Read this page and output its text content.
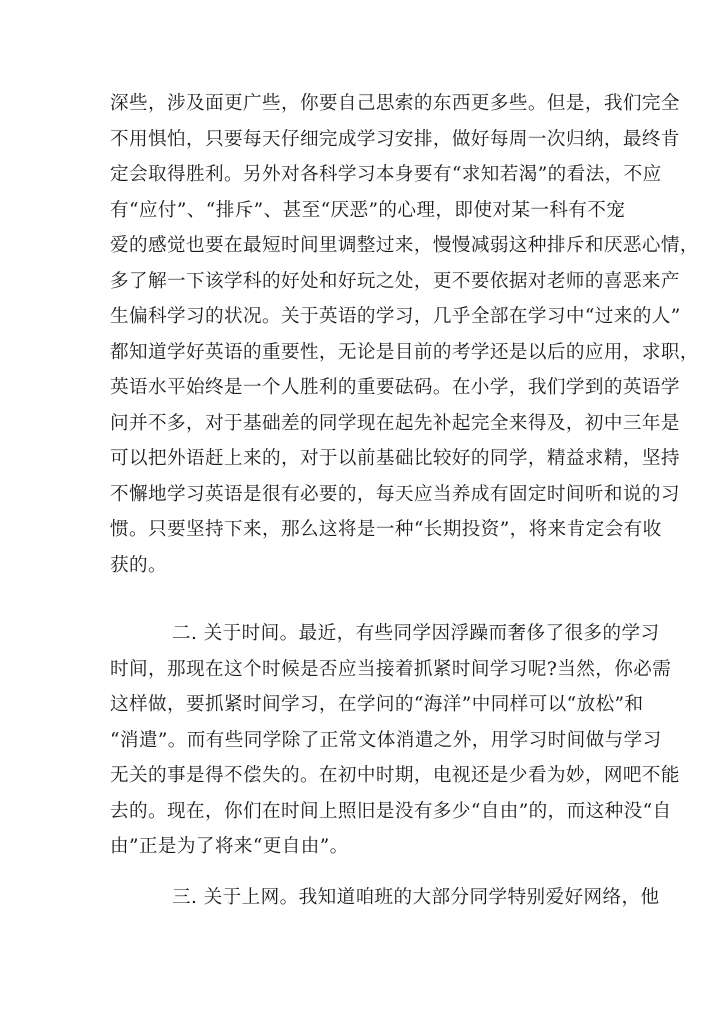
深些，涉及面更广些，你要自己思索的东西更多些。但是，我们完全
不用惧怕，只要每天仔细完成学习安排，做好每周一次归纳，最终肯
定会取得胜利。另外对各科学习本身要有“求知若渴”的看法，不应
有“应付”、“排斥”、甚至“厌恶”的心理，即使对某一科有不宠
爱的感觉也要在最短时间里调整过来，慢慢减弱这种排斥和厌恶心情，
多了解一下该学科的好处和好玩之处，更不要依据对老师的喜恶来产
生偏科学习的状况。关于英语的学习，几乎全部在学习中“过来的人”
都知道学好英语的重要性，无论是目前的考学还是以后的应用，求职，
英语水平始终是一个人胜利的重要砝码。在小学，我们学到的英语学
问并不多，对于基础差的同学现在起先补起完全来得及，初中三年是
可以把外语赶上来的，对于以前基础比较好的同学，精益求精，坚持
不懈地学习英语是很有必要的，每天应当养成有固定时间听和说的习
惯。只要坚持下来，那么这将是一种“长期投资”，将来肯定会有收
获的。
二. 关于时间。最近，有些同学因浮躁而奢侈了很多的学习
时间，那现在这个时候是否应当接着抓紧时间学习呢?当然，你必需
这样做，要抓紧时间学习，在学问的“海洋”中同样可以“放松”和
“消遣”。而有些同学除了正常文体消遣之外，用学习时间做与学习
无关的事是得不偿失的。在初中时期，电视还是少看为妙，网吧不能
去的。现在，你们在时间上照旧是没有多少“自由”的，而这种没“自
由”正是为了将来“更自由”。
三. 关于上网。我知道咱班的大部分同学特别爱好网络，他
